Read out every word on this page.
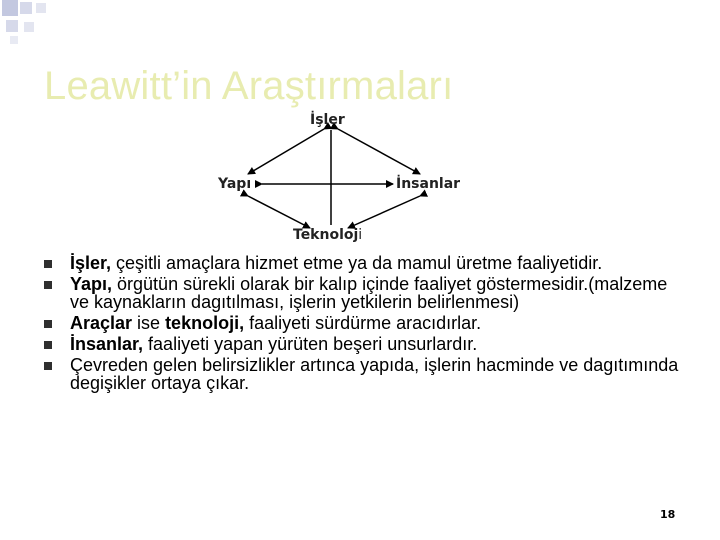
Leawitt’in Araştırmaları
İşler
Yapı	İnsanlar
Teknoloji
İşler, çeşitli amaçlara hizmet etme ya da mamul üretme faaliyetidir.
Yapı, örgütün sürekli olarak bir kalıp içinde faaliyet göstermesidir.(malzeme ve kaynakların dagıtılması, işlerin yetkilerin belirlenmesi)
Araçlar ise teknoloji, faaliyeti sürdürme aracıdırlar.
İnsanlar, faaliyeti yapan yürüten beşeri unsurlardır.
Çevreden gelen belirsizlikler artınca yapıda, işlerin hacminde ve dagıtımında degişikler ortaya çıkar.
18
